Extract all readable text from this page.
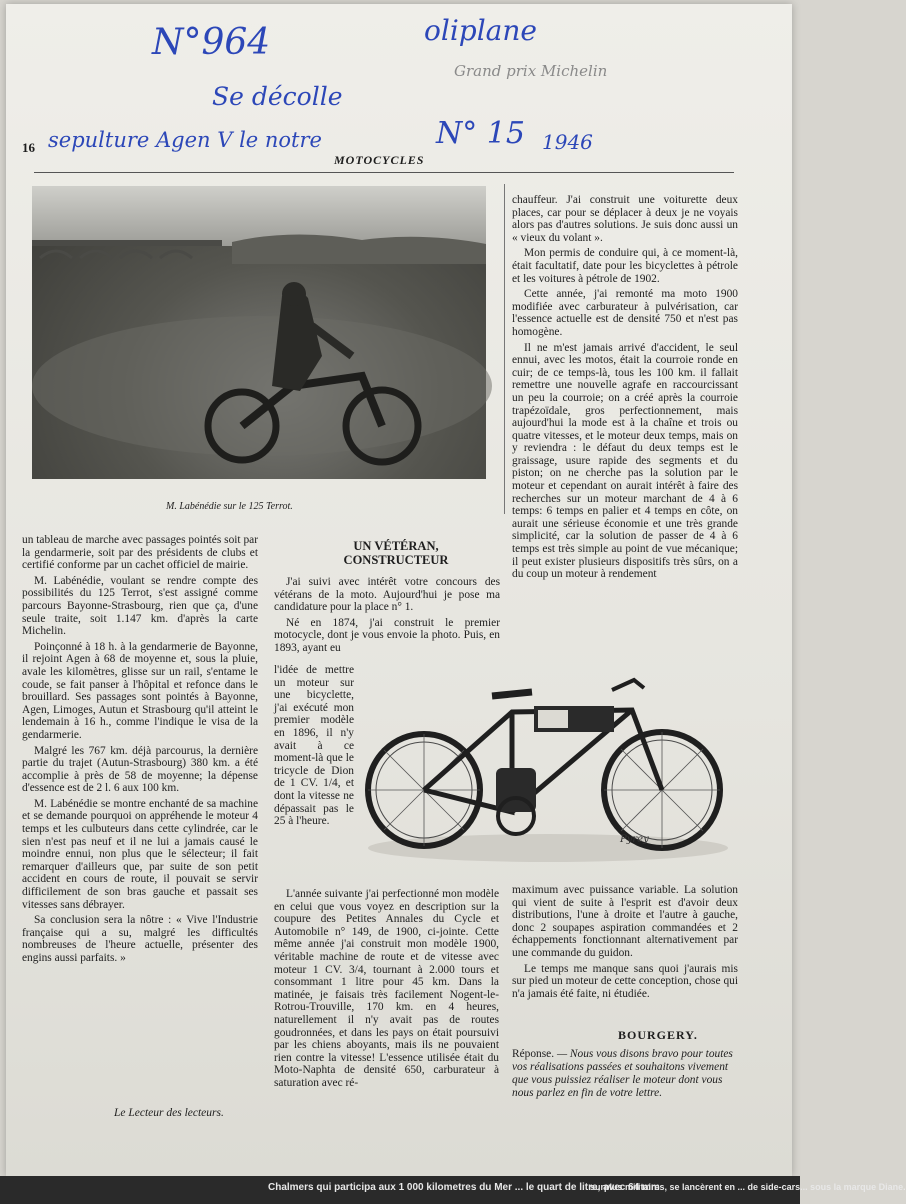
N°964	oliplane
Grand prix Michelin
Se décolle
sepulture Agen V le notre	N° 15 1946
16
MOTOCYCLES
M. Labénédie sur le 125 Terrot.

un tableau de marche avec passages pointés soit par la gendarmerie, soit par des présidents de clubs et certifié conforme par un cachet officiel de mairie.

M. Labénédie, voulant se rendre compte des possibilités du 125 Terrot, s'est assigné comme parcours Bayonne-Strasbourg, rien que ça, d'une seule traite, soit 1.147 km. d'après la carte Michelin.

Poinçonné à 18 h. à la gendarmerie de Bayonne, il rejoint Agen à 68 de moyenne et, sous la pluie, avale les kilomètres, glisse sur un rail, s'entame le coude, se fait panser à l'hôpital et refonce dans le brouillard. Ses passages sont pointés à Bayonne, Agen, Limoges, Autun et Strasbourg qu'il atteint le lendemain à 16 h., comme l'indique le visa de la gendarmerie.

Malgré les 767 km. déjà parcourus, la dernière partie du trajet (Autun-Strasbourg) 380 km. a été accomplie à près de 58 de moyenne; la dépense d'essence est de 2 l. 6 aux 100 km.

M. Labénédie se montre enchanté de sa machine et se demande pourquoi on appréhende le moteur 4 temps et les culbuteurs dans cette cylindrée, car le sien n'est pas neuf et il ne lui a jamais causé le moindre ennui, non plus que le sélecteur; il fait remarquer d'ailleurs que, par suite de son petit accident en cours de route, il pouvait se servir difficilement de son bras gauche et passait ses vitesses sans débrayer.

Sa conclusion sera la nôtre : « Vive l'Industrie française qui a su, malgré les difficultés nombreuses de l'heure actuelle, présenter des engins aussi parfaits. »

Le Lecteur des lecteurs.
UN VÉTÉRAN,
CONSTRUCTEUR

J'ai suivi avec intérêt votre concours des vétérans de la moto. Aujourd'hui je pose ma candidature pour la place n° 1.

Né en 1874, j'ai construit le premier motocycle, dont je vous envoie la photo. Puis, en 1893, ayant eu

l'idée de mettre un moteur sur une bicyclette, j'ai exécuté mon premier modèle en 1896, il n'y avait à ce moment-là que le tricycle de Dion de 1 CV. 1/4, et dont la vitesse ne dépassait pas le 25 à l'heure.

Pyrey

L'année suivante j'ai perfectionné mon modèle en celui que vous voyez en description sur la coupure des Petites Annales du Cycle et Automobile n° 149, de 1900, ci-jointe. Cette même année j'ai construit mon modèle 1900, véritable machine de route et de vitesse avec moteur 1 CV. 3/4, tournant à 2.000 tours et consommant 1 litre pour 45 km. Dans la matinée, je faisais très facilement Nogent-le-Rotrou-Trouville, 170 km. en 4 heures, naturellement il n'y avait pas de routes goudronnées, et dans les pays on était poursuivi par les chiens aboyants, mais ils ne pouvaient rien contre la vitesse! L'essence utilisée était du Moto-Naphta de densité 650, carburateur à saturation avec ré-

chauffeur. J'ai construit une voiturette deux places, car pour se déplacer à deux je ne voyais alors pas d'autres solutions. Je suis donc aussi un « vieux du volant ».

Mon permis de conduire qui, à ce moment-là, était facultatif, date pour les bicyclettes à pétrole et les voitures à pétrole de 1902.

Cette année, j'ai remonté ma moto 1900 modifiée avec carburateur à pulvérisation, car l'essence actuelle est de densité 750 et n'est pas homogène.

Il ne m'est jamais arrivé d'accident, le seul ennui, avec les motos, était la courroie ronde en cuir; de ce temps-là, tous les 100 km. il fallait remettre une nouvelle agrafe en raccourcissant un peu la courroie; on a créé après la courroie trapézoïdale, gros perfectionnement, mais aujourd'hui la mode est à la chaîne et trois ou quatre vitesses, et le moteur deux temps, mais on y reviendra : le défaut du deux temps est le graissage, usure rapide des segments et du piston; on ne cherche pas la solution par le moteur et cependant on aurait intérêt à faire des recherches sur un moteur marchant de 4 à 6 temps: 6 temps en palier et 4 temps en côte, on aurait une sérieuse économie et une très grande simplicité, car la solution de passer de 4 à 6 temps est très simple au point de vue mécanique; il peut exister plusieurs dispositifs très sûrs, on a du coup un moteur à rendement

maximum avec puissance variable. La solution qui vient de suite à l'esprit est d'avoir deux distributions, l'une à droite et l'autre à gauche, donc 2 soupapes aspiration commandées et 2 échappements fonctionnant alternativement par une commande du guidon.

Le temps me manque sans quoi j'aurais mis sur pied un moteur de cette conception, chose qui n'a jamais été faite, ni étudiée.

BOURGERY.
Réponse. — Nous vous disons bravo pour toutes vos réalisations passées et souhaitons vivement que vous puissiez réaliser le moteur dont vous nous parlez en fin de votre lettre.
Chalmers qui participa aux 1 000 kilometres du Mer ... le quart de litre, avec 64 mm
surplus militaires, se lancèrent en ... de side-cars... sous la marque Diane.
